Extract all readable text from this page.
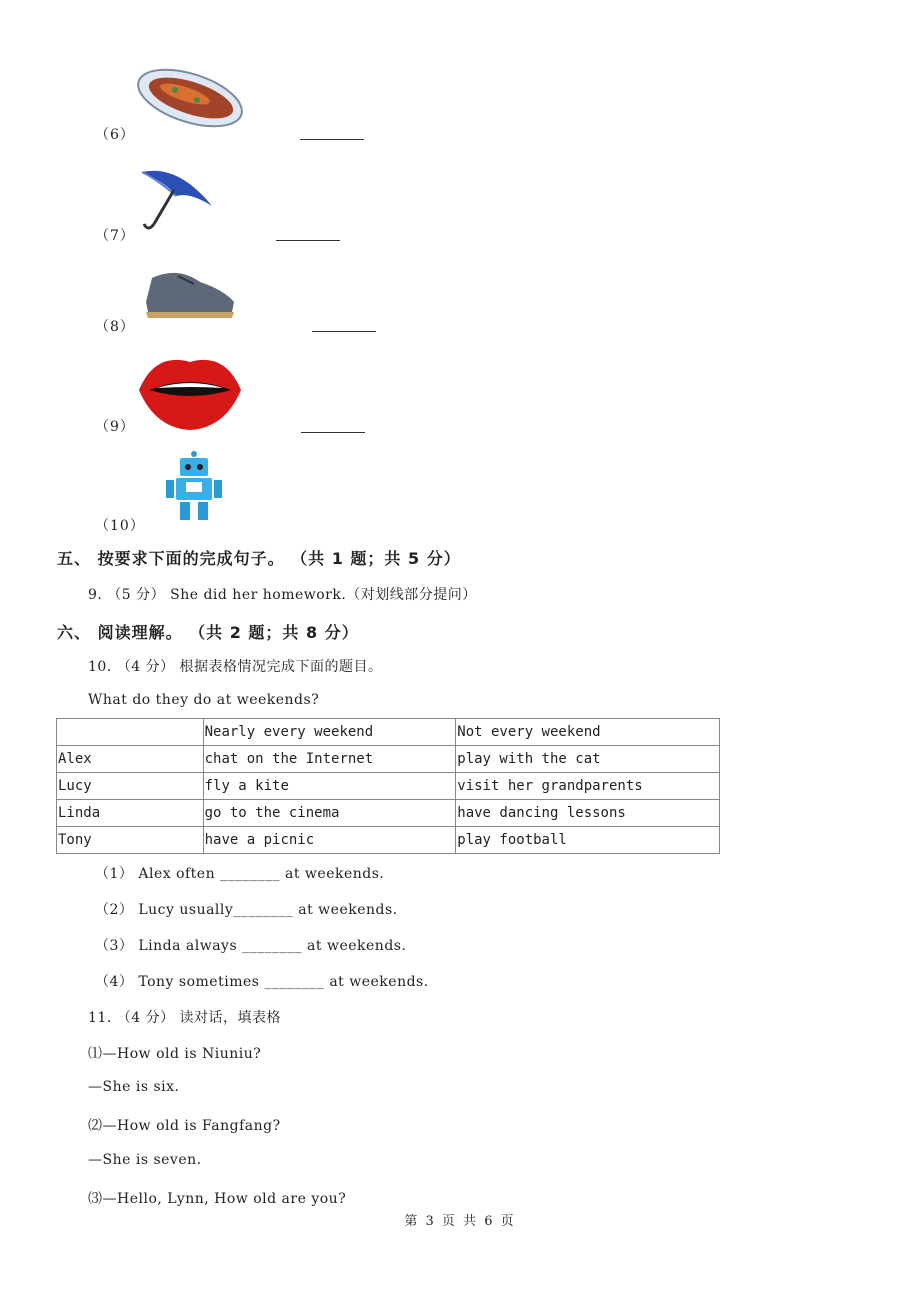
（6）
（7）
（8）
（9）
（10）
五、 按要求下面的完成句子。 （共 1 题；共 5 分）
9. （5 分） She did her homework.（对划线部分提问）
六、 阅读理解。 （共 2 题；共 8 分）
10. （4 分） 根据表格情况完成下面的题目。
What do they do at weekends?
	Nearly every weekend	Not every weekend
Alex	chat on the Internet	play with the cat
Lucy	fly a kite	visit her grandparents
Linda	go to the cinema	have dancing lessons
Tony	have a picnic	play football
（1） Alex often ________ at weekends.
（2） Lucy usually________ at weekends.
（3） Linda always ________ at weekends.
（4） Tony sometimes ________ at weekends.
11. （4 分） 读对话，填表格
⑴—How old is Niuniu?
—She is six.
⑵—How old is Fangfang?
—She is seven.
⑶—Hello, Lynn, How old are you?
第 3 页 共 6 页
